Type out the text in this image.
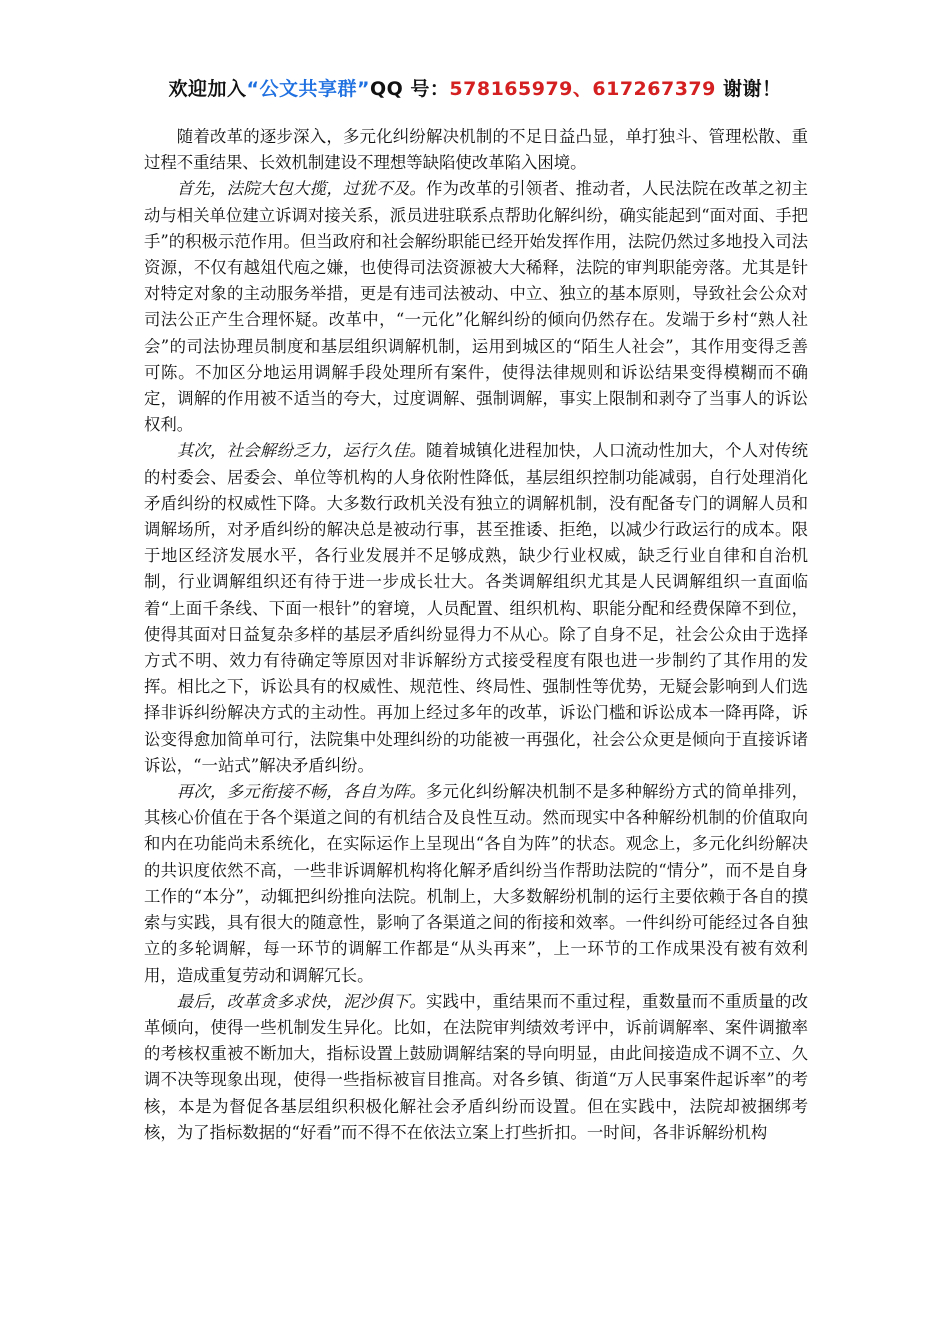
欢迎加入“公文共享群”QQ 号：578165979、617267379 谢谢！

随着改革的逐步深入，多元化纠纷解决机制的不足日益凸显，单打独斗、管理松散、重过程不重结果、长效机制建设不理想等缺陷使改革陷入困境。

首先，法院大包大揽，过犹不及。作为改革的引领者、推动者，人民法院在改革之初主动与相关单位建立诉调对接关系，派员进驻联系点帮助化解纠纷，确实能起到“面对面、手把手”的积极示范作用。但当政府和社会解纷职能已经开始发挥作用，法院仍然过多地投入司法资源，不仅有越俎代庖之嫌，也使得司法资源被大大稀释，法院的审判职能旁落。尤其是针对特定对象的主动服务举措，更是有违司法被动、中立、独立的基本原则，导致社会公众对司法公正产生合理怀疑。改革中，“一元化”化解纠纷的倾向仍然存在。发端于乡村“熟人社会”的司法协理员制度和基层组织调解机制，运用到城区的“陌生人社会”，其作用变得乏善可陈。不加区分地运用调解手段处理所有案件，使得法律规则和诉讼结果变得模糊而不确定，调解的作用被不适当的夸大，过度调解、强制调解，事实上限制和剥夺了当事人的诉讼权利。

其次，社会解纷乏力，运行久佳。随着城镇化进程加快，人口流动性加大，个人对传统的村委会、居委会、单位等机构的人身依附性降低，基层组织控制功能减弱，自行处理消化矛盾纠纷的权威性下降。大多数行政机关没有独立的调解机制，没有配备专门的调解人员和调解场所，对矛盾纠纷的解决总是被动行事，甚至推诿、拒绝，以减少行政运行的成本。限于地区经济发展水平，各行业发展并不足够成熟，缺少行业权威，缺乏行业自律和自治机制，行业调解组织还有待于进一步成长壮大。各类调解组织尤其是人民调解组织一直面临着“上面千条线、下面一根针”的窘境，人员配置、组织机构、职能分配和经费保障不到位，使得其面对日益复杂多样的基层矛盾纠纷显得力不从心。除了自身不足，社会公众由于选择方式不明、效力有待确定等原因对非诉解纷方式接受程度有限也进一步制约了其作用的发挥。相比之下，诉讼具有的权威性、规范性、终局性、强制性等优势，无疑会影响到人们选择非诉纠纷解决方式的主动性。再加上经过多年的改革，诉讼门槛和诉讼成本一降再降，诉讼变得愈加简单可行，法院集中处理纠纷的功能被一再强化，社会公众更是倾向于直接诉诸诉讼，“一站式”解决矛盾纠纷。

再次，多元衔接不畅，各自为阵。多元化纠纷解决机制不是多种解纷方式的简单排列，其核心价值在于各个渠道之间的有机结合及良性互动。然而现实中各种解纷机制的价值取向和内在功能尚未系统化，在实际运作上呈现出“各自为阵”的状态。观念上，多元化纠纷解决的共识度依然不高，一些非诉调解机构将化解矛盾纠纷当作帮助法院的“情分”，而不是自身工作的“本分”，动辄把纠纷推向法院。机制上，大多数解纷机制的运行主要依赖于各自的摸索与实践，具有很大的随意性，影响了各渠道之间的衔接和效率。一件纠纷可能经过各自独立的多轮调解，每一环节的调解工作都是“从头再来”，上一环节的工作成果没有被有效利用，造成重复劳动和调解冗长。

最后，改革贪多求快，泥沙俱下。实践中，重结果而不重过程，重数量而不重质量的改革倾向，使得一些机制发生异化。比如，在法院审判绩效考评中，诉前调解率、案件调撤率的考核权重被不断加大，指标设置上鼓励调解结案的导向明显，由此间接造成不调不立、久调不决等现象出现，使得一些指标被盲目推高。对各乡镇、街道“万人民事案件起诉率”的考核，本是为督促各基层组织积极化解社会矛盾纠纷而设置。但在实践中，法院却被捆绑考核，为了指标数据的“好看”而不得不在依法立案上打些折扣。一时间，各非诉解纷机构
